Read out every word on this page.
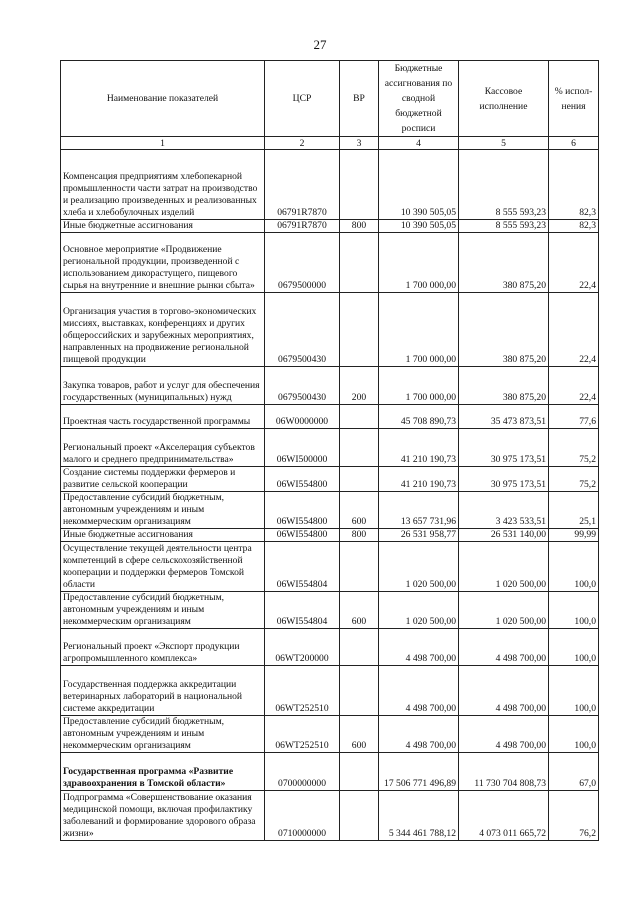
27
Наименование показателей	ЦСР	ВР	Бюджетные ассигнования по сводной бюджетной росписи	Кассовое исполнение	% испол-нения
1	2	3	4	5	6
Компенсация предприятиям хлебопекарной промышленности части затрат на производство и реализацию произведенных и реализованных хлеба и хлебобулочных изделий	06791R7870		10 390 505,05	8 555 593,23	82,3
Иные бюджетные ассигнования	06791R7870	800	10 390 505,05	8 555 593,23	82,3
Основное мероприятие «Продвижение региональной продукции, произведенной с использованием дикорастущего, пищевого сырья на внутренние и внешние рынки сбыта»	0679500000		1 700 000,00	380 875,20	22,4
Организация участия в торгово-экономических миссиях, выставках, конференциях и других общероссийских и зарубежных мероприятиях, направленных на продвижение региональной пищевой продукции	0679500430		1 700 000,00	380 875,20	22,4
Закупка товаров, работ и услуг для обеспечения государственных (муниципальных) нужд	0679500430	200	1 700 000,00	380 875,20	22,4
Проектная часть государственной программы	06W0000000		45 708 890,73	35 473 873,51	77,6
Региональный проект «Акселерация субъектов малого и среднего предпринимательства»	06WI500000		41 210 190,73	30 975 173,51	75,2
Создание системы поддержки фермеров и развитие сельской кооперации	06WI554800		41 210 190,73	30 975 173,51	75,2
Предоставление субсидий бюджетным, автономным учреждениям и иным некоммерческим организациям	06WI554800	600	13 657 731,96	3 423 533,51	25,1
Иные бюджетные ассигнования	06WI554800	800	26 531 958,77	26 531 140,00	99,99
Осуществление текущей деятельности центра компетенций в сфере сельскохозяйственной кооперации и поддержки фермеров Томской области	06WI554804		1 020 500,00	1 020 500,00	100,0
Предоставление субсидий бюджетным, автономным учреждениям и иным некоммерческим организациям	06WI554804	600	1 020 500,00	1 020 500,00	100,0
Региональный проект «Экспорт продукции агропромышленного комплекса»	06WT200000		4 498 700,00	4 498 700,00	100,0
Государственная поддержка аккредитации ветеринарных лабораторий в национальной системе аккредитации	06WT252510		4 498 700,00	4 498 700,00	100,0
Предоставление субсидий бюджетным, автономным учреждениям и иным некоммерческим организациям	06WT252510	600	4 498 700,00	4 498 700,00	100,0
Государственная программа «Развитие здравоохранения в Томской области»	0700000000		17 506 771 496,89	11 730 704 808,73	67,0
Подпрограмма «Совершенствование оказания медицинской помощи, включая профилактику заболеваний и формирование здорового образа жизни»	0710000000		5 344 461 788,12	4 073 011 665,72	76,2
